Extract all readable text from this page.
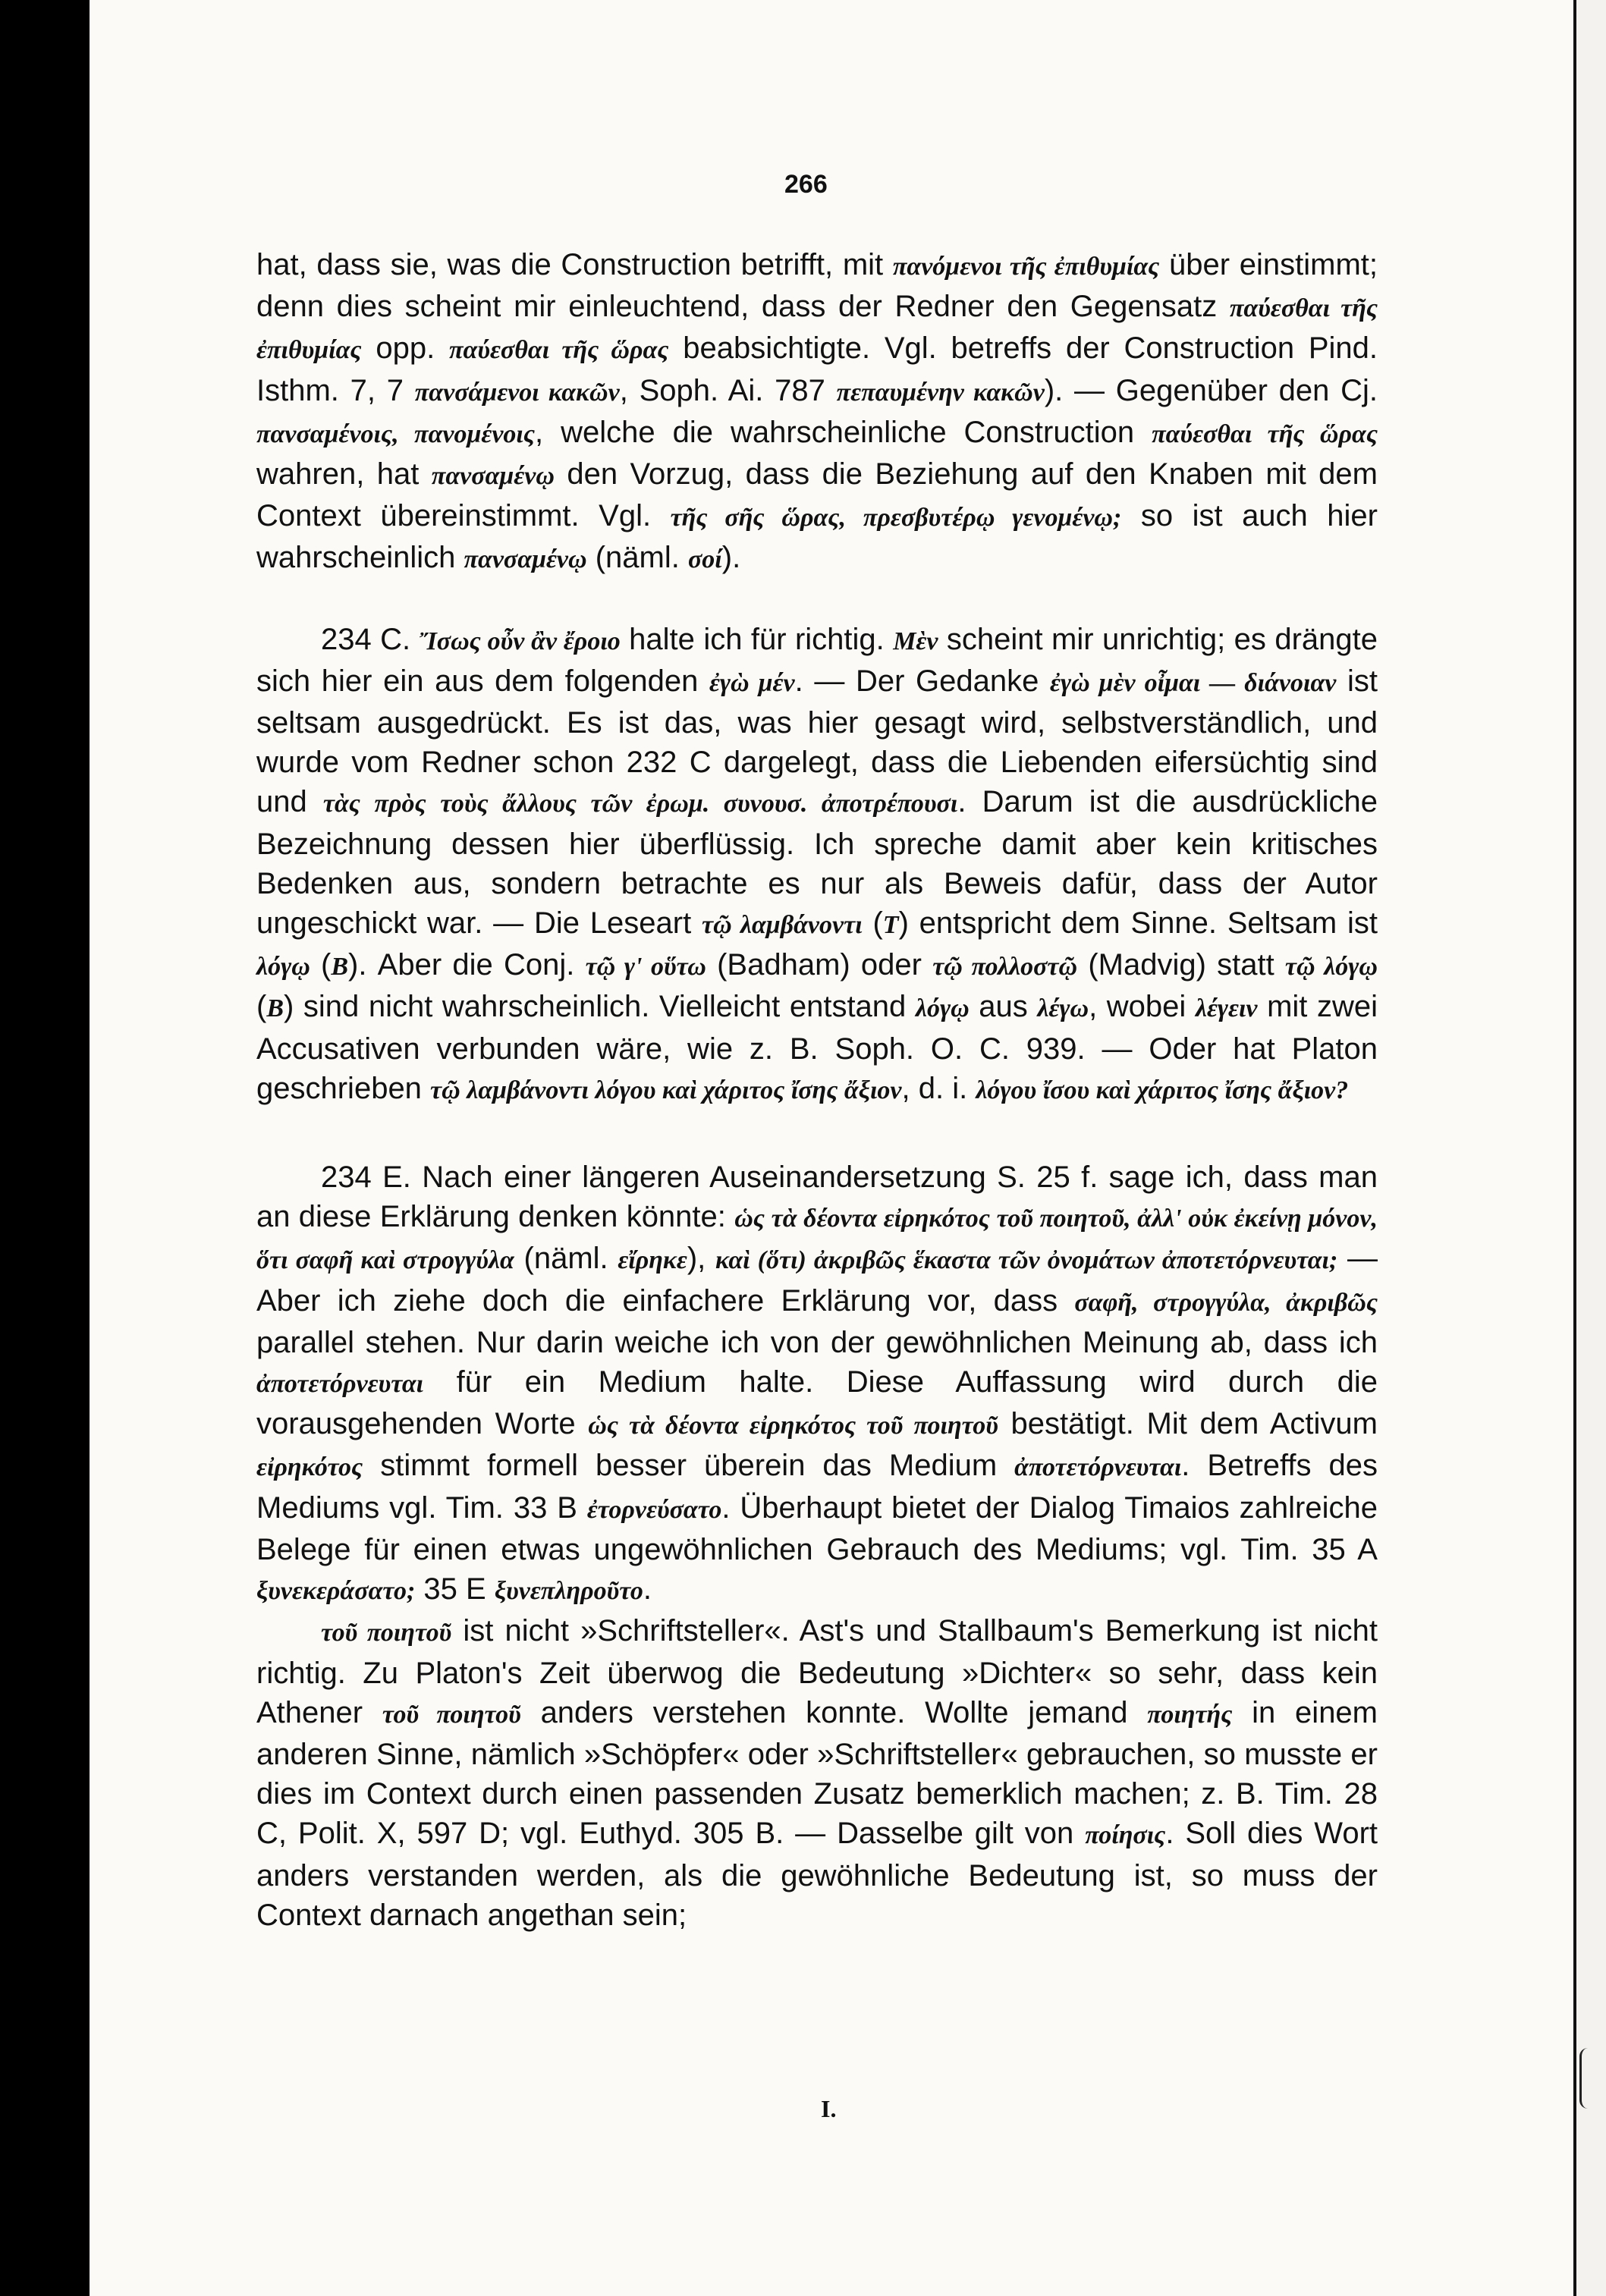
266

hat, dass sie, was die Construction betrifft, mit πανόμενοι τῆς ἐπιθυμίας über einstimmt; denn dies scheint mir einleuchtend, dass der Redner den Gegensatz παύεσθαι τῆς ἐπιθυμίας opp. παύεσθαι τῆς ὥρας beabsichtigte. Vgl. betreffs der Construction Pind. Isthm. 7, 7 πανσάμενοι κακῶν, Soph. Ai. 787 πεπαυμένην κακῶν). — Gegenüber den Cj. πανσαμένοις, πανομένοις, welche die wahrscheinliche Construction παύεσθαι τῆς ὥρας wahren, hat πανσαμένῳ den Vorzug, dass die Beziehung auf den Knaben mit dem Context übereinstimmt. Vgl. τῆς σῆς ὥρας, πρεσβυτέρῳ γενομένῳ; so ist auch hier wahrscheinlich πανσαμένῳ (näml. σοί).

234 C. Ἴσως οὖν ἂν ἔροιο halte ich für richtig. Μὲν scheint mir unrichtig; es drängte sich hier ein aus dem folgenden ἐγὼ μέν. — Der Gedanke ἐγὼ μὲν οἶμαι — διάνοιαν ist seltsam ausgedrückt. Es ist das, was hier gesagt wird, selbstverständlich, und wurde vom Redner schon 232 C dargelegt, dass die Liebenden eifersüchtig sind und τὰς πρὸς τοὺς ἄλλους τῶν ἐρωμ. συνουσ. ἀποτρέπουσι. Darum ist die ausdrückliche Bezeichnung dessen hier überflüssig. Ich spreche damit aber kein kritisches Bedenken aus, sondern betrachte es nur als Beweis dafür, dass der Autor ungeschickt war. — Die Leseart τῷ λαμβάνοντι (T) entspricht dem Sinne. Seltsam ist λόγῳ (B). Aber die Conj. τῷ γ' οὕτω (Badham) oder τῷ πολλοστῷ (Madvig) statt τῷ λόγῳ (B) sind nicht wahrscheinlich. Vielleicht entstand λόγῳ aus λέγω, wobei λέγειν mit zwei Accusativen verbunden wäre, wie z. B. Soph. O. C. 939. — Oder hat Platon geschrieben τῷ λαμβάνοντι λόγου καὶ χάριτος ἴσης ἄξιον, d. i. λόγου ἴσου καὶ χάριτος ἴσης ἄξιον?

234 E. Nach einer längeren Auseinandersetzung S. 25 f. sage ich, dass man an diese Erklärung denken könnte: ὡς τὰ δέοντα εἰρηκότος τοῦ ποιητοῦ, ἀλλ' οὐκ ἐκείνῃ μόνον, ὅτι σαφῆ καὶ στρογγύλα (näml. εἴρηκε), καὶ (ὅτι) ἀκριβῶς ἕκαστα τῶν ὀνομάτων ἀποτετόρνευται; — Aber ich ziehe doch die einfachere Erklärung vor, dass σαφῆ, στρογγύλα, ἀκριβῶς parallel stehen. Nur darin weiche ich von der gewöhnlichen Meinung ab, dass ich ἀποτετόρνευται für ein Medium halte. Diese Auffassung wird durch die vorausgehenden Worte ὡς τὰ δέοντα εἰρηκότος τοῦ ποιητοῦ bestätigt. Mit dem Activum εἰρηκότος stimmt formell besser überein das Medium ἀποτετόρνευται. Betreffs des Mediums vgl. Tim. 33 B ἐτορνεύσατο. Überhaupt bietet der Dialog Timaios zahlreiche Belege für einen etwas ungewöhnlichen Gebrauch des Mediums; vgl. Tim. 35 A ξυνεκεράσατο; 35 E ξυνεπληροῦτο.

τοῦ ποιητοῦ ist nicht »Schriftsteller«. Ast's und Stallbaum's Bemerkung ist nicht richtig. Zu Platon's Zeit überwog die Bedeutung »Dichter« so sehr, dass kein Athener τοῦ ποιητοῦ anders verstehen konnte. Wollte jemand ποιητής in einem anderen Sinne, nämlich »Schöpfer« oder »Schriftsteller« gebrauchen, so musste er dies im Context durch einen passenden Zusatz bemerklich machen; z. B. Tim. 28 C, Polit. X, 597 D; vgl. Euthyd. 305 B. — Dasselbe gilt von ποίησις. Soll dies Wort anders verstanden werden, als die gewöhnliche Bedeutung ist, so muss der Context darnach angethan sein;

I.
